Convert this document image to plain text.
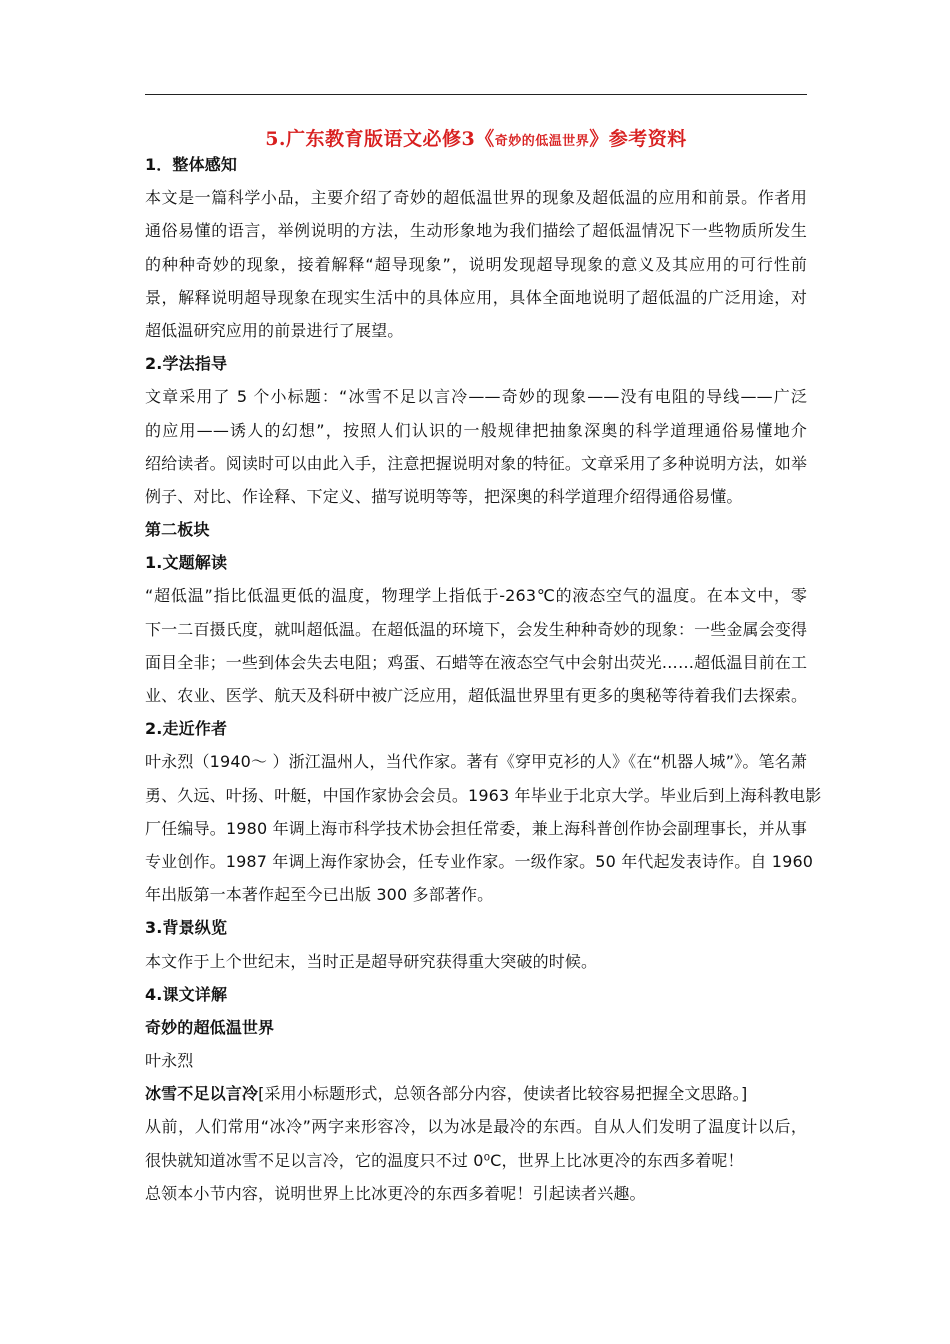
5.广东教育版语文必修3《奇妙的低温世界》参考资料
1．整体感知
本文是一篇科学小品，主要介绍了奇妙的超低温世界的现象及超低温的应用和前景。作者用
通俗易懂的语言，举例说明的方法，生动形象地为我们描绘了超低温情况下一些物质所发生
的种种奇妙的现象，接着解释“超导现象”，说明发现超导现象的意义及其应用的可行性前
景，解释说明超导现象在现实生活中的具体应用，具体全面地说明了超低温的广泛用途，对
超低温研究应用的前景进行了展望。
2.学法指导
文章采用了 5 个小标题：“冰雪不足以言冷——奇妙的现象——没有电阻的导线——广泛
的应用——诱人的幻想”，按照人们认识的一般规律把抽象深奥的科学道理通俗易懂地介
绍给读者。阅读时可以由此入手，注意把握说明对象的特征。文章采用了多种说明方法，如举
例子、对比、作诠释、下定义、描写说明等等，把深奥的科学道理介绍得通俗易懂。
第二板块
1.文题解读
“超低温”指比低温更低的温度，物理学上指低于-263℃的液态空气的温度。在本文中，零
下一二百摄氏度，就叫超低温。在超低温的环境下，会发生种种奇妙的现象：一些金属会变得
面目全非；一些到体会失去电阻；鸡蛋、石蜡等在液态空气中会射出荧光……超低温目前在工
业、农业、医学、航天及科研中被广泛应用，超低温世界里有更多的奥秘等待着我们去探索。
2.走近作者
叶永烈（1940～ ）浙江温州人，当代作家。著有《穿甲克衫的人》《在“机器人城”》。笔名萧
勇、久远、叶扬、叶艇，中国作家协会会员。1963 年毕业于北京大学。毕业后到上海科教电影
厂任编导。1980 年调上海市科学技术协会担任常委，兼上海科普创作协会副理事长，并从事
专业创作。1987 年调上海作家协会，任专业作家。一级作家。50 年代起发表诗作。自 1960
年出版第一本著作起至今已出版 300 多部著作。
3.背景纵览
本文作于上个世纪末，当时正是超导研究获得重大突破的时候。
4.课文详解
奇妙的超低温世界
叶永烈
冰雪不足以言冷[采用小标题形式，总领各部分内容，使读者比较容易把握全文思路。]
从前，人们常用“冰冷”两字来形容冷，以为冰是最冷的东西。自从人们发明了温度计以后，
很快就知道冰雪不足以言冷，它的温度只不过 0⁰C，世界上比冰更冷的东西多着呢！
总领本小节内容，说明世界上比冰更冷的东西多着呢！引起读者兴趣。
